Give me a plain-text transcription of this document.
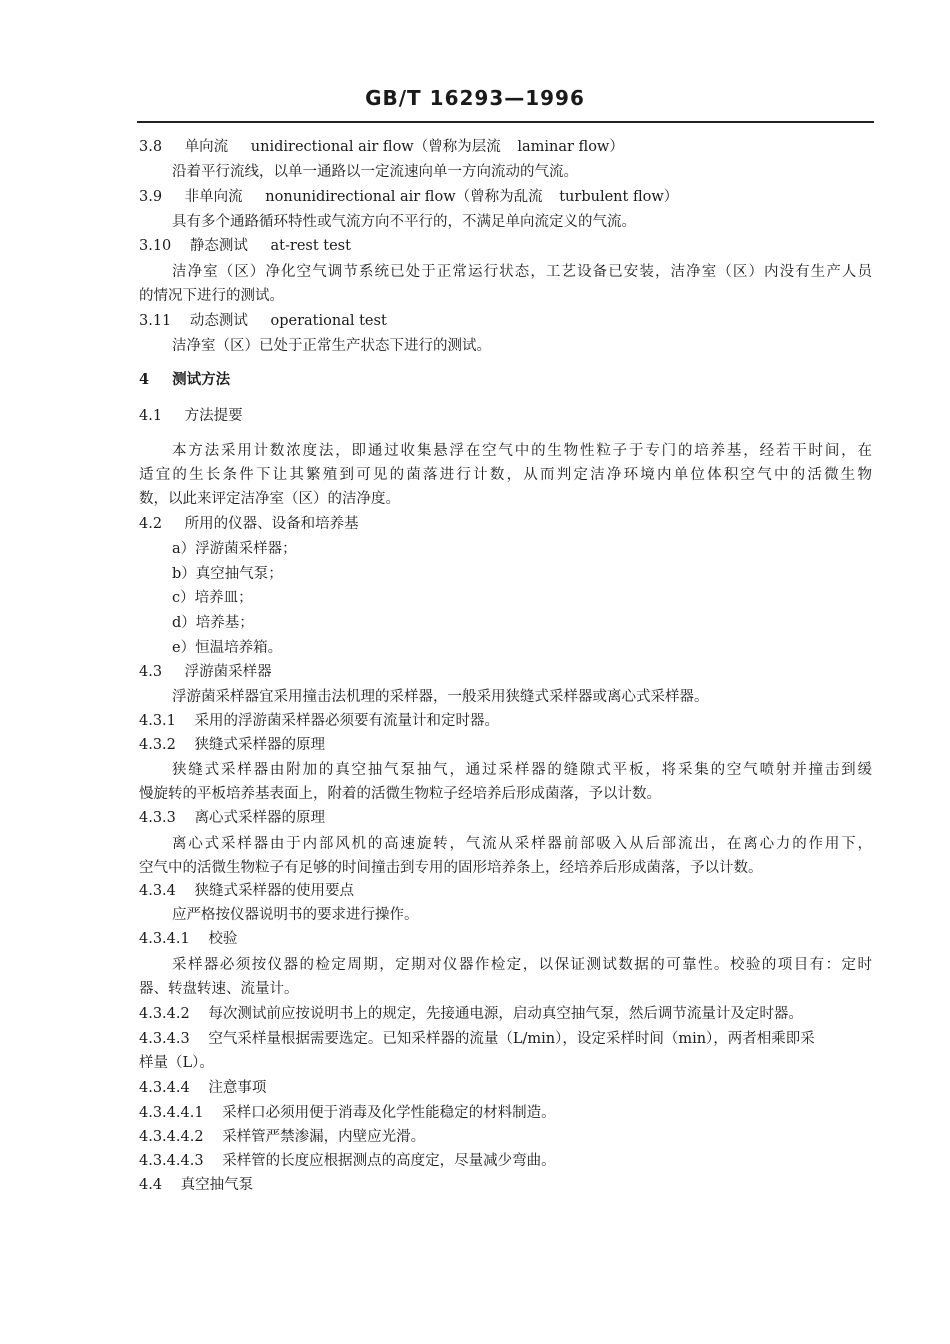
GB/T 16293—1996
3.8 单向流 unidirectional air flow（曾称为层流 laminar flow）
沿着平行流线，以单一通路以一定流速向单一方向流动的气流。
3.9 非单向流 nonunidirectional air flow（曾称为乱流 turbulent flow）
具有多个通路循环特性或气流方向不平行的，不满足单向流定义的气流。
3.10 静态测试 at-rest test
洁净室（区）净化空气调节系统已处于正常运行状态，工艺设备已安装，洁净室（区）内没有生产人员
的情况下进行的测试。
3.11 动态测试 operational test
洁净室（区）已处于正常生产状态下进行的测试。
4 测试方法
4.1 方法提要
本方法采用计数浓度法，即通过收集悬浮在空气中的生物性粒子于专门的培养基，经若干时间，在
适宜的生长条件下让其繁殖到可见的菌落进行计数，从而判定洁净环境内单位体积空气中的活微生物
数，以此来评定洁净室（区）的洁净度。
4.2 所用的仪器、设备和培养基
a）浮游菌采样器；
b）真空抽气泵；
c）培养皿；
d）培养基；
e）恒温培养箱。
4.3 浮游菌采样器
浮游菌采样器宜采用撞击法机理的采样器，一般采用狭缝式采样器或离心式采样器。
4.3.1 采用的浮游菌采样器必须要有流量计和定时器。
4.3.2 狭缝式采样器的原理
狭缝式采样器由附加的真空抽气泵抽气，通过采样器的缝隙式平板，将采集的空气喷射并撞击到缓
慢旋转的平板培养基表面上，附着的活微生物粒子经培养后形成菌落，予以计数。
4.3.3 离心式采样器的原理
离心式采样器由于内部风机的高速旋转，气流从采样器前部吸入从后部流出，在离心力的作用下，
空气中的活微生物粒子有足够的时间撞击到专用的固形培养条上，经培养后形成菌落，予以计数。
4.3.4 狭缝式采样器的使用要点
应严格按仪器说明书的要求进行操作。
4.3.4.1 校验
采样器必须按仪器的检定周期，定期对仪器作检定，以保证测试数据的可靠性。校验的项目有：定时
器、转盘转速、流量计。
4.3.4.2 每次测试前应按说明书上的规定，先接通电源，启动真空抽气泵，然后调节流量计及定时器。
4.3.4.3 空气采样量根据需要选定。已知采样器的流量（L/min），设定采样时间（min），两者相乘即采
样量（L）。
4.3.4.4 注意事项
4.3.4.4.1 采样口必须用便于消毒及化学性能稳定的材料制造。
4.3.4.4.2 采样管严禁渗漏，内壁应光滑。
4.3.4.4.3 采样管的长度应根据测点的高度定，尽量减少弯曲。
4.4 真空抽气泵
